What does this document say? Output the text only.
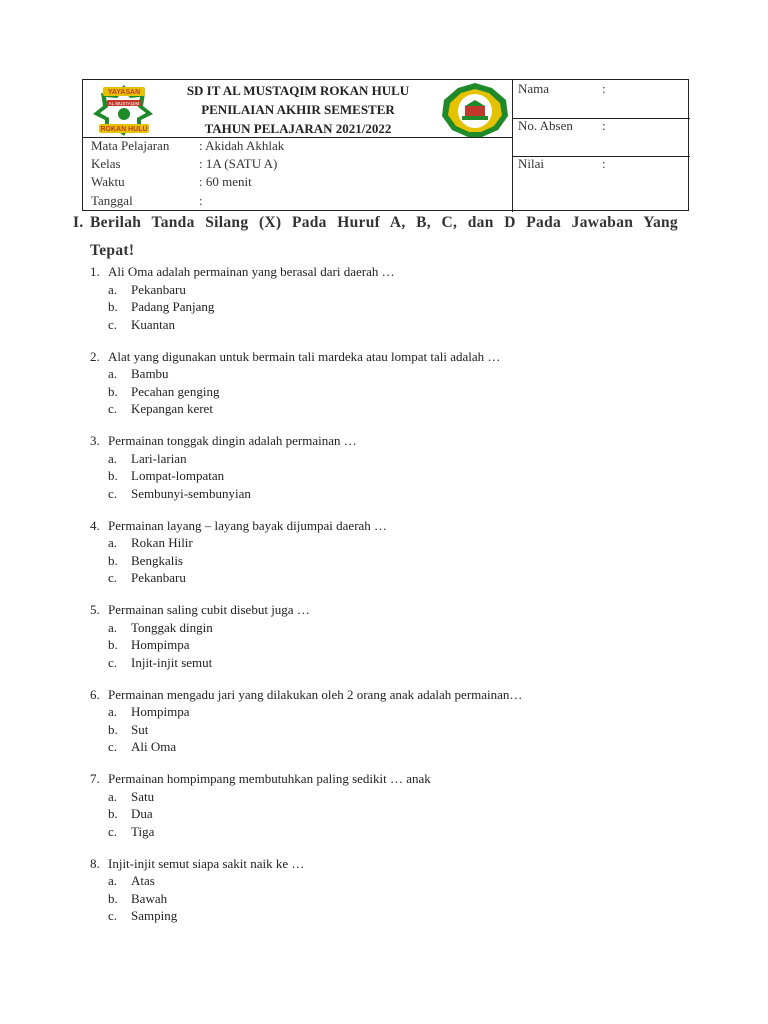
YAYASAN
AL MUSTAQIM
ROKAN HULU
SD IT AL MUSTAQIM ROKAN HULU
PENILAIAN AKHIR SEMESTER
TAHUN PELAJARAN 2021/2022
Mata Pelajaran : Akidah Akhlak
Kelas	: 1A (SATU A)
Waktu	: 60 menit
Tanggal	:
Nama	:
No. Absen :
Nilai	:
I. Berilah Tanda Silang (X) Pada Huruf A, B, C, dan D Pada Jawaban Yang
Tepat!
1. Ali Oma adalah permainan yang berasal dari daerah …
a. Pekanbaru
b. Padang Panjang
c. Kuantan
2. Alat yang digunakan untuk bermain tali mardeka atau lompat tali adalah …
a. Bambu
b. Pecahan genging
c. Kepangan keret
3. Permainan tonggak dingin adalah permainan …
a. Lari-larian
b. Lompat-lompatan
c. Sembunyi-sembunyian
4. Permainan layang – layang bayak dijumpai daerah …
a. Rokan Hilir
b. Bengkalis
c. Pekanbaru
5. Permainan saling cubit disebut juga …
a. Tonggak dingin
b. Hompimpa
c. Injit-injit semut
6. Permainan mengadu jari yang dilakukan oleh 2 orang anak adalah permainan…
a. Hompimpa
b. Sut
c. Ali Oma
7. Permainan hompimpang membutuhkan paling sedikit … anak
a. Satu
b. Dua
c. Tiga
8. Injit-injit semut siapa sakit naik ke …
a. Atas
b. Bawah
c. Samping
